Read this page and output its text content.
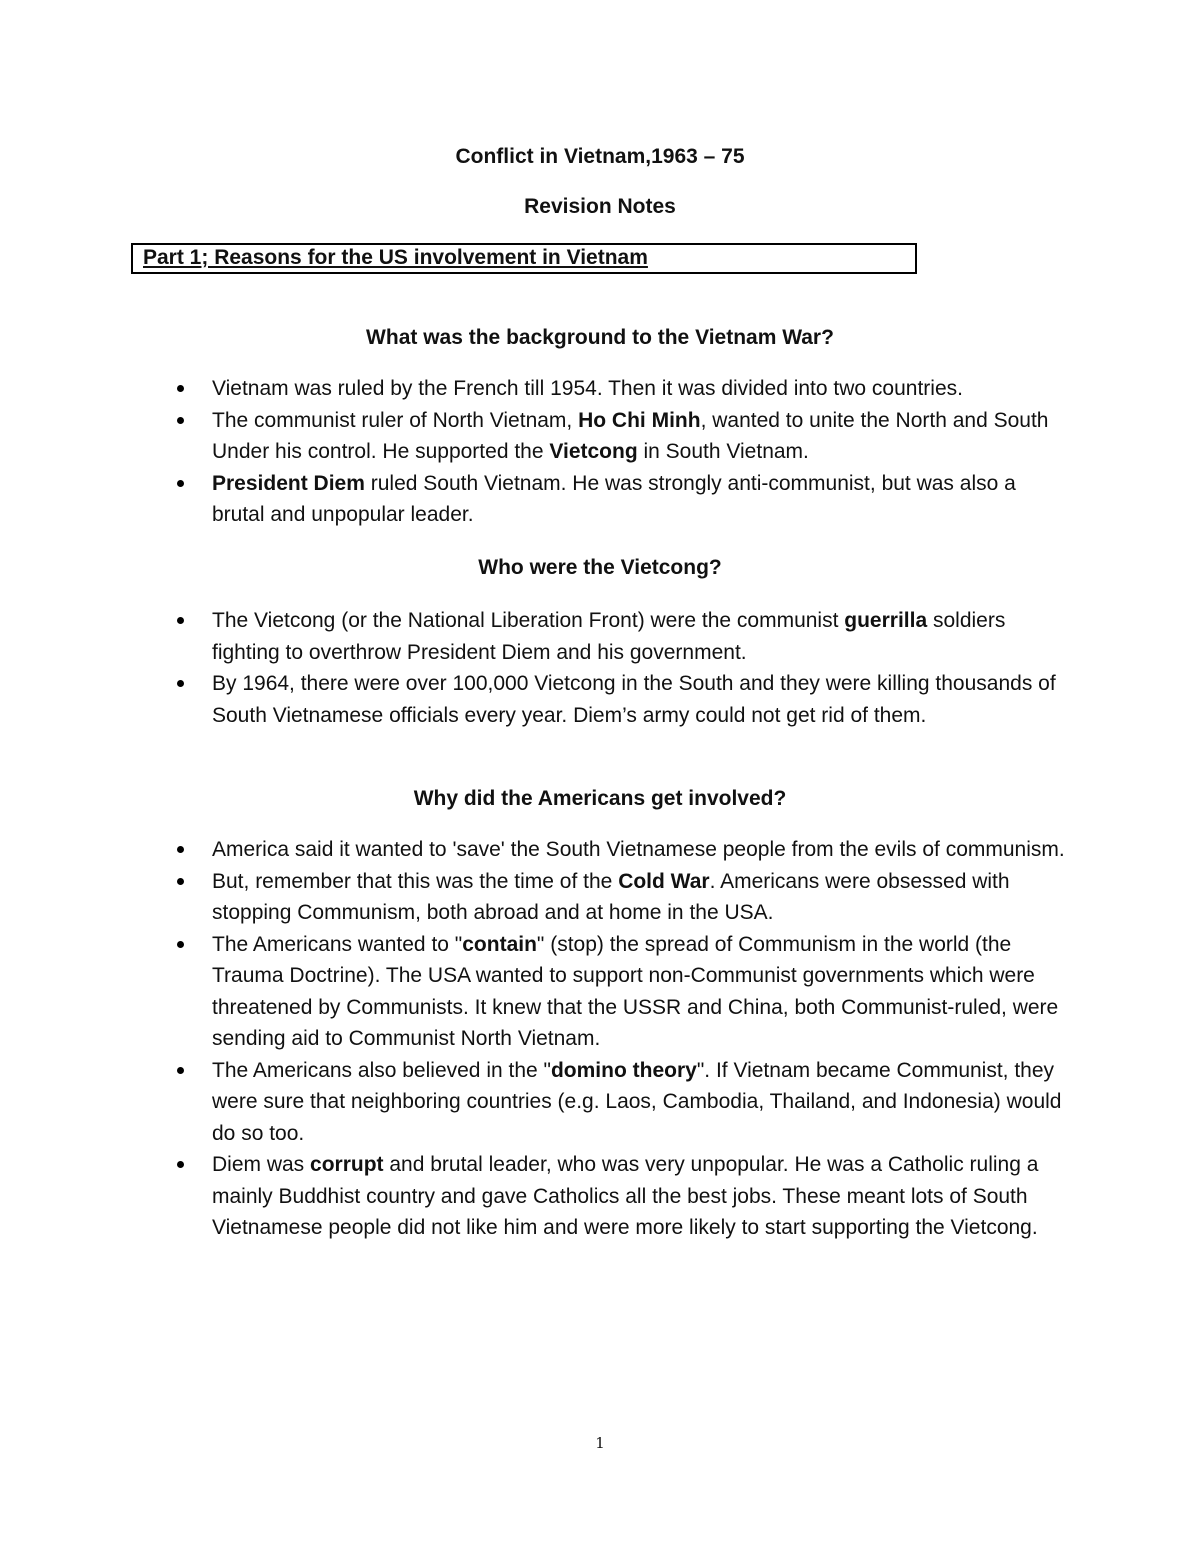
Conflict in Vietnam,1963 – 75
Revision Notes
Part 1; Reasons for the US involvement in Vietnam
What was the background to the Vietnam War?
Vietnam was ruled by the French till 1954. Then it was divided into two countries.
The communist ruler of North Vietnam, Ho Chi Minh, wanted to unite the North and South Under his control. He supported the Vietcong in South Vietnam.
President Diem ruled South Vietnam. He was strongly anti-communist, but was also a brutal and unpopular leader.
Who were the Vietcong?
The Vietcong (or the National Liberation Front) were the communist guerrilla soldiers fighting to overthrow President Diem and his government.
By 1964, there were over 100,000 Vietcong in the South and they were killing thousands of South Vietnamese officials every year. Diem’s army could not get rid of them.
Why did the Americans get involved?
America said it wanted to 'save' the South Vietnamese people from the evils of communism.
But, remember that this was the time of the Cold War. Americans were obsessed with stopping Communism, both abroad and at home in the USA.
The Americans wanted to "contain" (stop) the spread of Communism in the world (the Trauma Doctrine). The USA wanted to support non-Communist governments which were threatened by Communists. It knew that the USSR and China, both Communist-ruled, were sending aid to Communist North Vietnam.
The Americans also believed in the "domino theory". If Vietnam became Communist, they were sure that neighboring countries (e.g. Laos, Cambodia, Thailand, and Indonesia) would do so too.
Diem was corrupt and brutal leader, who was very unpopular. He was a Catholic ruling a mainly Buddhist country and gave Catholics all the best jobs. These meant lots of South Vietnamese people did not like him and were more likely to start supporting the Vietcong.
1
